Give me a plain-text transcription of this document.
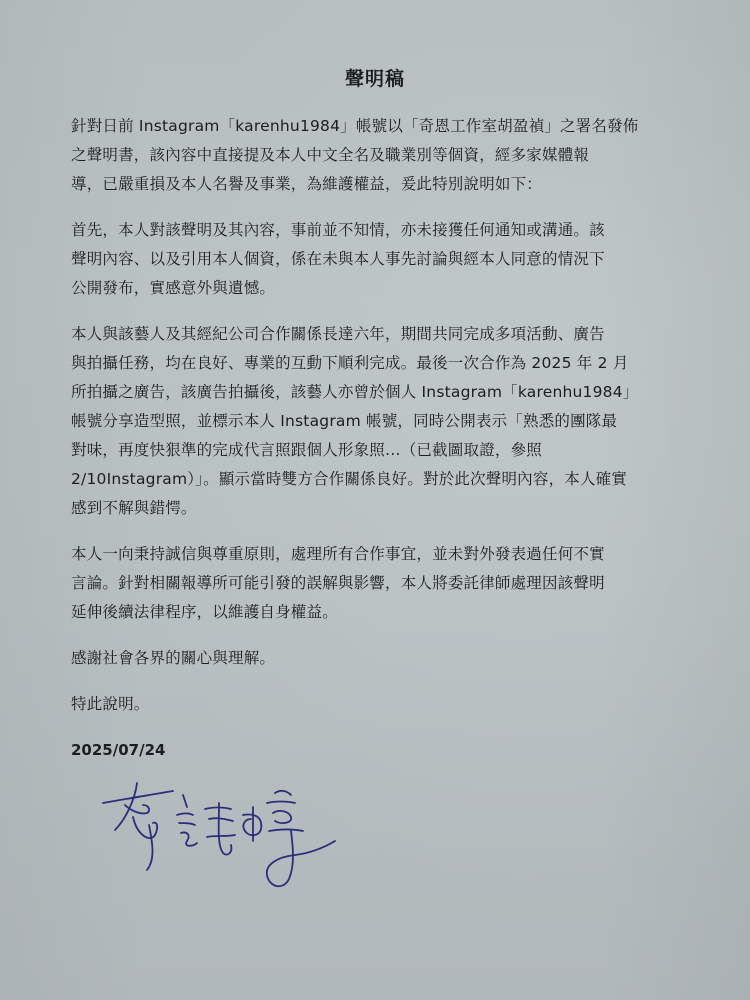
聲明稿

針對日前 Instagram「karenhu1984」帳號以「奇恩工作室胡盈禎」之署名發佈
之聲明書，該內容中直接提及本人中文全名及職業別等個資，經多家媒體報
導，已嚴重損及本人名譽及事業，為維護權益，爰此特別說明如下：

首先，本人對該聲明及其內容，事前並不知情，亦未接獲任何通知或溝通。該
聲明內容、以及引用本人個資，係在未與本人事先討論與經本人同意的情況下
公開發布，實感意外與遺憾。

本人與該藝人及其經紀公司合作關係長達六年，期間共同完成多項活動、廣告
與拍攝任務，均在良好、專業的互動下順利完成。最後一次合作為 2025 年 2 月
所拍攝之廣告，該廣告拍攝後，該藝人亦曾於個人 Instagram「karenhu1984」
帳號分享造型照，並標示本人 Instagram 帳號，同時公開表示「熟悉的團隊最
對味，再度快狠準的完成代言照跟個人形象照…（已截圖取證，參照
2/10Instagram）」。顯示當時雙方合作關係良好。對於此次聲明內容，本人確實
感到不解與錯愕。

本人一向秉持誠信與尊重原則，處理所有合作事宜，並未對外發表過任何不實
言論。針對相關報導所可能引發的誤解與影響，本人將委託律師處理因該聲明
延伸後續法律程序，以維護自身權益。

感謝社會各界的關心與理解。

特此說明。

2025/07/24
